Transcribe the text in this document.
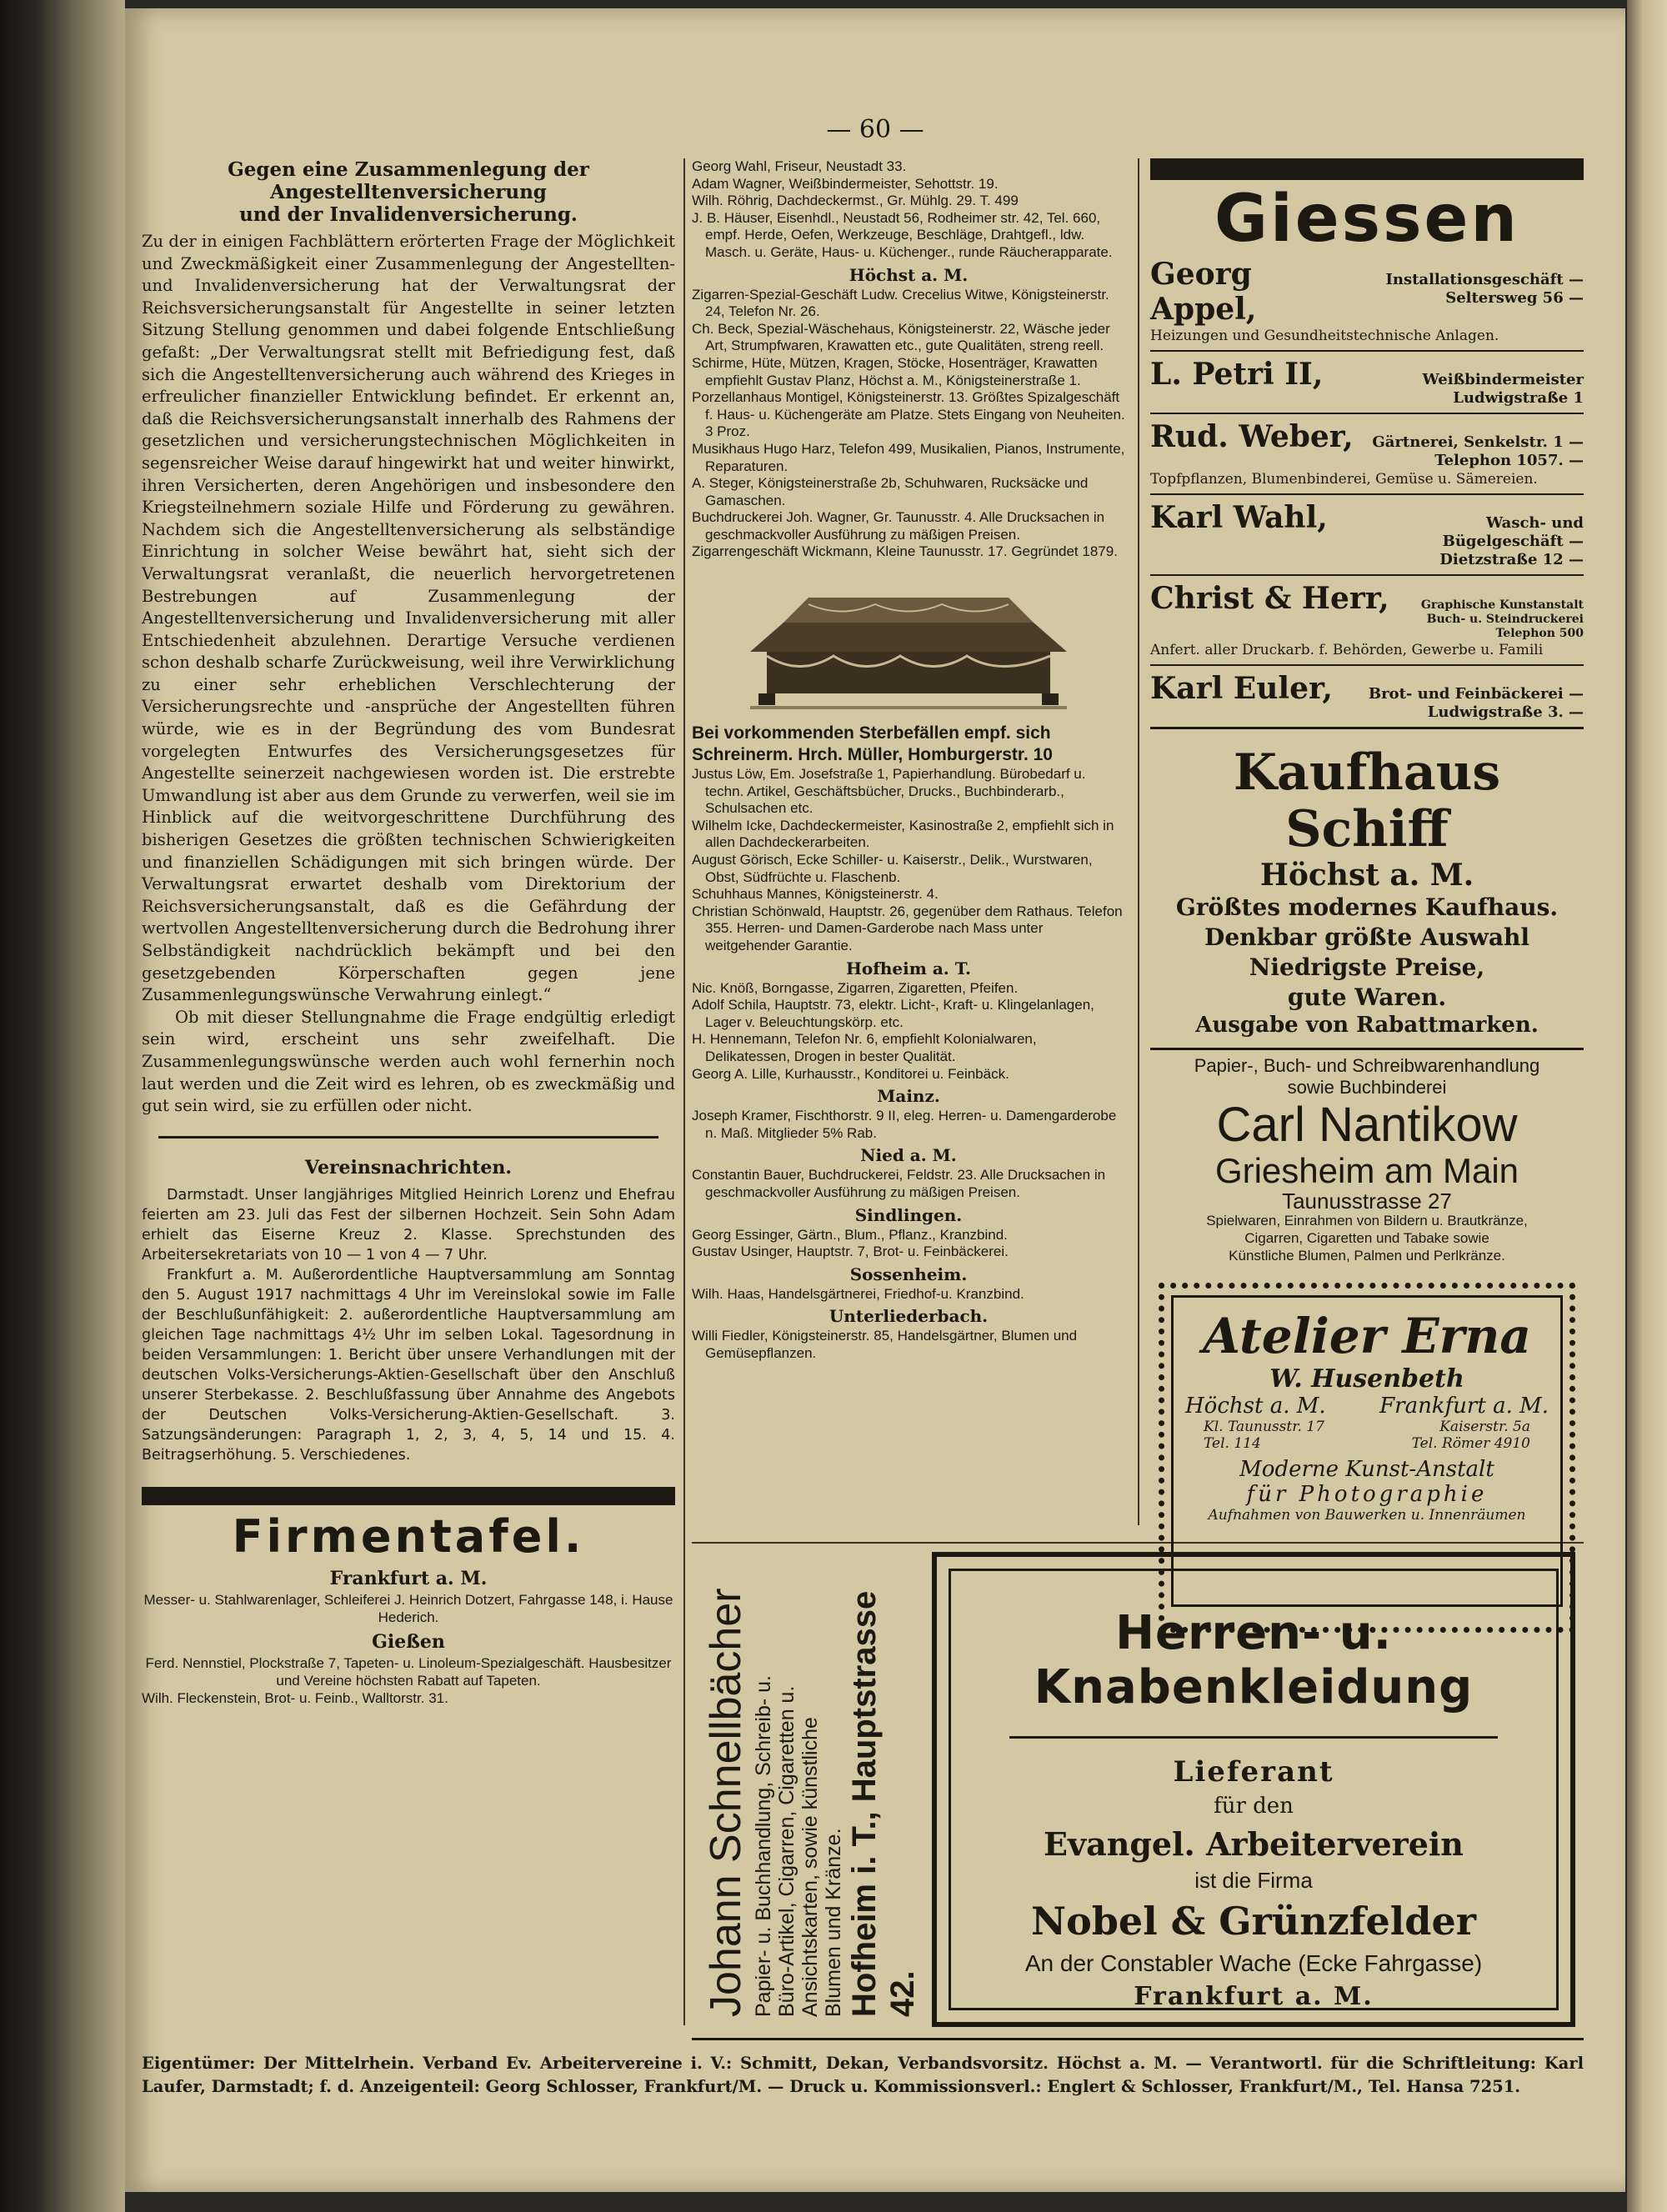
— 60 —
Gegen eine Zusammenlegung der
Angestelltenversicherung
und der Invalidenversicherung.

Zu der in einigen Fachblättern erörterten Frage der Möglichkeit und Zweckmäßigkeit einer Zusammenlegung der Angestellten- und Invalidenversicherung hat der Verwaltungsrat der Reichsversicherungsanstalt für Angestellte in seiner letzten Sitzung Stellung genommen und dabei folgende Entschließung gefaßt: „Der Verwaltungsrat stellt mit Befriedigung fest, daß sich die Angestelltenversicherung auch während des Krieges in erfreulicher finanzieller Entwicklung befindet. Er erkennt an, daß die Reichsversicherungsanstalt innerhalb des Rahmens der gesetzlichen und versicherungstechnischen Möglichkeiten in segensreicher Weise darauf hingewirkt hat und weiter hinwirkt, ihren Versicherten, deren Angehörigen und insbesondere den Kriegsteilnehmern soziale Hilfe und Förderung zu gewähren. Nachdem sich die Angestelltenversicherung als selbständige Einrichtung in solcher Weise bewährt hat, sieht sich der Verwaltungsrat veranlaßt, die neuerlich hervorgetretenen Bestrebungen auf Zusammenlegung der Angestelltenversicherung und Invalidenversicherung mit aller Entschiedenheit abzulehnen. Derartige Versuche verdienen schon deshalb scharfe Zurückweisung, weil ihre Verwirklichung zu einer sehr erheblichen Verschlechterung der Versicherungsrechte und -ansprüche der Angestellten führen würde, wie es in der Begründung des vom Bundesrat vorgelegten Entwurfes des Versicherungsgesetzes für Angestellte seinerzeit nachgewiesen worden ist. Die erstrebte Umwandlung ist aber aus dem Grunde zu verwerfen, weil sie im Hinblick auf die weitvorgeschrittene Durchführung des bisherigen Gesetzes die größten technischen Schwierigkeiten und finanziellen Schädigungen mit sich bringen würde. Der Verwaltungsrat erwartet deshalb vom Direktorium der Reichsversicherungsanstalt, daß es die Gefährdung der wertvollen Angestelltenversicherung durch die Bedrohung ihrer Selbständigkeit nachdrücklich bekämpft und bei den gesetzgebenden Körperschaften gegen jene Zusammenlegungswünsche Verwahrung einlegt.“

Ob mit dieser Stellungnahme die Frage endgültig erledigt sein wird, erscheint uns sehr zweifelhaft. Die Zusammenlegungswünsche werden auch wohl fernerhin noch laut werden und die Zeit wird es lehren, ob es zweckmäßig und gut sein wird, sie zu erfüllen oder nicht.

Vereinsnachrichten.

Darmstadt. Unser langjähriges Mitglied Heinrich Lorenz und Ehefrau feierten am 23. Juli das Fest der silbernen Hochzeit. Sein Sohn Adam erhielt das Eiserne Kreuz 2. Klasse. Sprechstunden des Arbeitersekretariats von 10 — 1 von 4 — 7 Uhr.

Frankfurt a. M. Außerordentliche Hauptversammlung am Sonntag den 5. August 1917 nachmittags 4 Uhr im Vereinslokal sowie im Falle der Beschlußunfähigkeit: 2. außerordentliche Hauptversammlung am gleichen Tage nachmittags 4½ Uhr im selben Lokal. Tagesordnung in beiden Versammlungen: 1. Bericht über unsere Verhandlungen mit der deutschen Volks-Versicherungs-Aktien-Gesellschaft über den Anschluß unserer Sterbekasse. 2. Beschlußfassung über Annahme des Angebots der Deutschen Volks-Versicherung-Aktien-Gesellschaft. 3. Satzungsänderungen: Paragraph 1, 2, 3, 4, 5, 14 und 15. 4. Beitragserhöhung. 5. Verschiedenes.

Firmentafel.
Frankfurt a. M.
Messer- u. Stahlwarenlager, Schleiferei J. Heinrich Dotzert, Fahrgasse 148, i. Hause Hederich.
Gießen
Ferd. Nennstiel, Plockstraße 7, Tapeten- u. Linoleum-Spezialgeschäft. Hausbesitzer und Vereine höchsten Rabatt auf Tapeten.
Wilh. Fleckenstein, Brot- u. Feinb., Walltorstr. 31.

Georg Wahl, Friseur, Neustadt 33.

Adam Wagner, Weißbindermeister, Sehottstr. 19.

Wilh. Röhrig, Dachdeckermst., Gr. Mühlg. 29. T. 499

J. B. Häuser, Eisenhdl., Neustadt 56, Rodheimer str. 42, Tel. 660, empf. Herde, Oefen, Werkzeuge, Beschläge, Drahtgefl., ldw. Masch. u. Geräte, Haus- u. Küchenger., runde Räucherapparate.

Höchst a. M.

Zigarren-Spezial-Geschäft Ludw. Crecelius Witwe, Königsteinerstr. 24, Telefon Nr. 26.

Ch. Beck, Spezial-Wäschehaus, Königsteinerstr. 22, Wäsche jeder Art, Strumpfwaren, Krawatten etc., gute Qualitäten, streng reell.

Schirme, Hüte, Mützen, Kragen, Stöcke, Hosenträger, Krawatten empfiehlt Gustav Planz, Höchst a. M., Königsteinerstraße 1.

Porzellanhaus Montigel, Königsteinerstr. 13. Größtes Spizalgeschäft f. Haus- u. Küchengeräte am Platze. Stets Eingang von Neuheiten. 3 Proz.

Musikhaus Hugo Harz, Telefon 499, Musikalien, Pianos, Instrumente, Reparaturen.

A. Steger, Königsteinerstraße 2b, Schuhwaren, Rucksäcke und Gamaschen.

Buchdruckerei Joh. Wagner, Gr. Taunusstr. 4. Alle Drucksachen in geschmackvoller Ausführung zu mäßigen Preisen.

Zigarrengeschäft Wickmann, Kleine Taunusstr. 17. Gegründet 1879.

Bei vorkommenden Sterbefällen empf. sich
Schreinerm. Hrch. Müller, Homburgerstr. 10

Justus Löw, Em. Josefstraße 1, Papierhandlung. Bürobedarf u. techn. Artikel, Geschäftsbücher, Drucks., Buchbinderarb., Schulsachen etc.

Wilhelm Icke, Dachdeckermeister, Kasinostraße 2, empfiehlt sich in allen Dachdeckerarbeiten.

August Görisch, Ecke Schiller- u. Kaiserstr., Delik., Wurstwaren, Obst, Südfrüchte u. Flaschenb.

Schuhhaus Mannes, Königsteinerstr. 4.

Christian Schönwald, Hauptstr. 26, gegenüber dem Rathaus. Telefon 355. Herren- und Damen-Garderobe nach Mass unter weitgehender Garantie.

Hofheim a. T.

Nic. Knöß, Borngasse, Zigarren, Zigaretten, Pfeifen.

Adolf Schila, Hauptstr. 73, elektr. Licht-, Kraft- u. Klingelanlagen, Lager v. Beleuchtungskörp. etc.

H. Hennemann, Telefon Nr. 6, empfiehlt Kolonialwaren, Delikatessen, Drogen in bester Qualität.

Georg A. Lille, Kurhausstr., Konditorei u. Feinbäck.

Mainz.

Joseph Kramer, Fischthorstr. 9 II, eleg. Herren- u. Damengarderobe n. Maß. Mitglieder 5% Rab.

Nied a. M.

Constantin Bauer, Buchdruckerei, Feldstr. 23. Alle Drucksachen in geschmackvoller Ausführung zu mäßigen Preisen.

Sindlingen.

Georg Essinger, Gärtn., Blum., Pflanz., Kranzbind.

Gustav Usinger, Hauptstr. 7, Brot- u. Feinbäckerei.

Sossenheim.

Wilh. Haas, Handelsgärtnerei, Friedhof-u. Kranzbind.

Unterliederbach.

Willi Fiedler, Königsteinerstr. 85, Handelsgärtner, Blumen und Gemüsepflanzen.

Giessen
Georg Appel,
Installationsgeschäft — Seltersweg 56 —
Heizungen und Gesundheitstechnische Anlagen.
L. Petri II,	Weißbindermeister Ludwigstraße 1
Rud. Weber,	Gärtnerei, Senkelstr. 1 — Telephon 1057. —
Topfpflanzen, Blumenbinderei, Gemüse u. Sämereien.
Karl Wahl,	Wasch- und Bügelgeschäft — Dietzstraße 12 —
Christ & Herr,	Graphische Kunstanstalt Buch- u. Steindruckerei Telephon 500
Anfert. aller Druckarb. f. Behörden, Gewerbe u. Famili
Karl Euler, Brot- und Feinbäckerei — Ludwigstraße 3. —
Kaufhaus Schiff
Höchst a. M.
Größtes modernes Kaufhaus.
Denkbar größte Auswahl
Niedrigste Preise,
gute Waren.
Ausgabe von Rabattmarken.
Papier-, Buch- und Schreibwarenhandlung
sowie Buchbinderei
Carl Nantikow
Griesheim am Main
Taunusstrasse 27
Spielwaren, Einrahmen von Bildern u. Brautkränze,
Cigarren, Cigaretten und Tabake sowie
Künstliche Blumen, Palmen und Perlkränze.
Atelier Erna
W. Husenbeth
Höchst a. M. Frankfurt a. M.
Kl. Taunusstr. 17	Kaiserstr. 5a
Tel. 114	Tel. Römer 4910
Moderne Kunst-Anstalt
für Photographie
Aufnahmen von Bauwerken u. Innenräumen
Johann Schnellbächer Papier- u. Buchhandlung, Schreib- u. Büro-Artikel, Cigarren, Cigaretten u. Ansichtskarten, sowie künstliche Blumen und Kränze. Hofheim i. T., Hauptstrasse 42.
Herren- u. Knabenkleidung
Lieferant
für den
Evangel. Arbeiterverein
ist die Firma
Nobel & Grünzfelder
An der Constabler Wache (Ecke Fahrgasse)
Frankfurt a. M.
Eigentümer: Der Mittelrhein. Verband Ev. Arbeitervereine i. V.: Schmitt, Dekan, Verbandsvorsitz. Höchst a. M. — Verantwortl. für die Schriftleitung: Karl Laufer, Darmstadt; f. d. Anzeigenteil: Georg Schlosser, Frankfurt/M. — Druck u. Kommissionsverl.: Englert & Schlosser, Frankfurt/M., Tel. Hansa 7251.
